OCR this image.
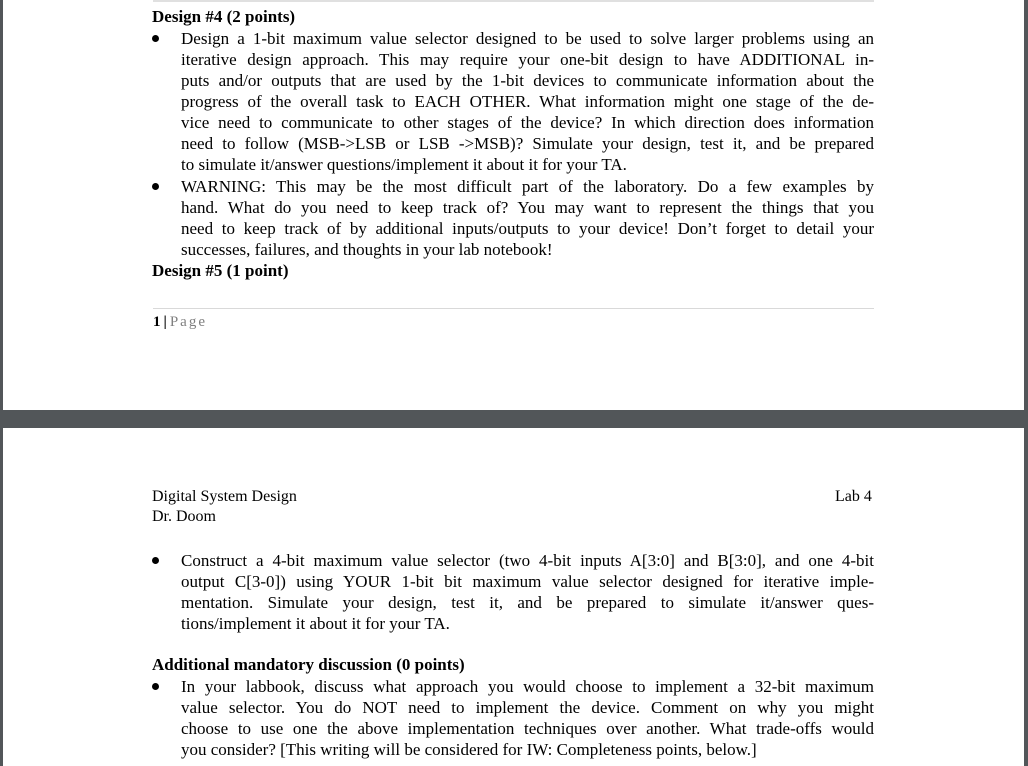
Design #4 (2 points)
Design a 1-bit maximum value selector designed to be used to solve larger problems using an
iterative design approach. This may require your one-bit design to have ADDITIONAL in-
puts and/or outputs that are used by the 1-bit devices to communicate information about the
progress of the overall task to EACH OTHER. What information might one stage of the de-
vice need to communicate to other stages of the device? In which direction does information
need to follow (MSB->LSB or LSB ->MSB)? Simulate your design, test it, and be prepared
to simulate it/answer questions/implement it about it for your TA.
WARNING: This may be the most difficult part of the laboratory. Do a few examples by
hand. What do you need to keep track of? You may want to represent the things that you
need to keep track of by additional inputs/outputs to your device! Don’t forget to detail your
successes, failures, and thoughts in your lab notebook!
Design #5 (1 point)
1 | Page
Digital System Design
Dr. Doom
Lab 4
Construct a 4-bit maximum value selector (two 4-bit inputs A[3:0] and B[3:0], and one 4-bit
output C[3-0]) using YOUR 1-bit bit maximum value selector designed for iterative imple-
mentation. Simulate your design, test it, and be prepared to simulate it/answer ques-
tions/implement it about it for your TA.
Additional mandatory discussion (0 points)
In your labbook, discuss what approach you would choose to implement a 32-bit maximum
value selector. You do NOT need to implement the device. Comment on why you might
choose to use one the above implementation techniques over another. What trade-offs would
you consider? [This writing will be considered for IW: Completeness points, below.]
